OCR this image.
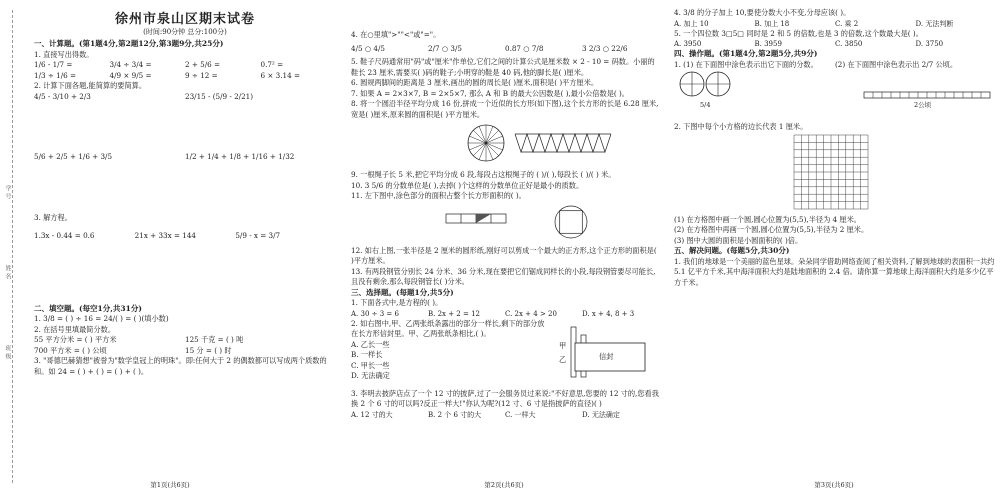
学号
姓名
班级
徐州市泉山区期末试卷
(时间:90分钟 总分:100分)
一、计算题。(第1题4分,第2题12分,第3题9分,共25分)
1. 直接写出得数。
1/6 - 1/7 =	3/4 ÷ 3/4 =	2 + 5/6 =	0.7² =
1/3 ÷ 1/6 =	4/9 × 9/5 =	9 ÷ 12 =	6 × 3.14 =
2. 计算下面各题,能简算的要简算。
4/5 - 3/10 + 2/3	23/15 - (5/9 - 2/21)
5/6 + 2/5 + 1/6 + 3/5	1/2 + 1/4 + 1/8 + 1/16 + 1/32
3. 解方程。
1.3x - 0.44 = 0.6	21x + 33x = 144	5/9 - x = 3/7
二、填空题。(每空1分,共31分)
1. 3/8 = ( ) ÷ 16 = 24/( ) = ( )(填小数)
2. 在括号里填最简分数。
55 平方分米 = ( ) 平方米	125 千克 = ( ) 吨
700 平方米 = ( ) 公顷	15 分 = ( ) 时
3. "哥德巴赫猜想"被誉为"数学皇冠上的明珠"。即:任何大于 2 的偶数都可以写成两个质数的和。如 24 = ( ) + ( ) = ( ) + ( )。
第1页(共6页)
4. 在○里填">""<"或"="。
4/5 ○ 4/5	2/7 ○ 3/5	0.87 ○ 7/8	3 2/3 ○ 22/6
5. 鞋子尺码通常用"码"或"厘米"作单位,它们之间的计算公式是厘米数 × 2 - 10 = 码数。小丽的鞋长 23 厘米,需要买( )码的鞋子;小明穿的鞋是 40 码,他的脚长是( )厘米。
6. 圆规两脚间的距离是 3 厘米,画出的圆的周长是( )厘米,面积是( )平方厘米。
7. 如果 A = 2×3×7, B = 2×5×7, 那么 A 和 B 的最大公因数是( ),最小公倍数是( )。
8. 将一个圆沿半径平均分成 16 份,拼成一个近似的长方形(如下图),这个长方形的长是 6.28 厘米,宽是( )厘米,原来圆的面积是( )平方厘米。
9. 一根绳子长 5 米,把它平均分成 6 段,每段占这根绳子的 ( )/( ),每段长 ( )/( ) 米。
10. 3 5/6 的分数单位是( ),去掉( )个这样的分数单位正好是最小的质数。
11. 左下图中,涂色部分的面积占整个长方形面积的( )。
12. 如右上图,一张半径是 2 厘米的圆形纸,刚好可以剪成一个最大的正方形,这个正方形的面积是( )平方厘米。
13. 有两段钢管分别长 24 分米、36 分米,现在要把它们锯成同样长的小段,每段钢管要尽可能长,且没有剩余,那么每段钢管长( )分米。
三、选择题。(每题1分,共5分)
1. 下面各式中,是方程的( )。
A. 30 ÷ 3 = 6	B. 2x + 2 = 12	C. 2x + 4 > 20	D. x + 4, 8 + 3
2. 如右图中,甲、乙两张纸条露出的部分一样长,剩下的部分放在长方形信封里。甲、乙两张纸条相比,( )。
A. 乙长一些
B. 一样长
C. 甲长一些
D. 无法确定
信封
甲
乙
3. 李明去披萨店点了一个 12 寸的披萨,过了一会服务员过来说:"不好意思,您要的 12 寸的,您看我换 2 个 6 寸的可以吗?反正一样大!"你认为呢?(12 寸、6 寸是指披萨的直径)( )
A. 12 寸的大	B. 2 个 6 寸的大	C. 一样大	D. 无法确定
第2页(共6页)
4. 3/8 的分子加上 10,要使分数大小不变,分母应该( )。
A. 加上 10	B. 加上 18	C. 乘 2	D. 无法判断
5. 一个四位数 3□5□ 同时是 2 和 5 的倍数,也是 3 的倍数,这个数最大是( )。
A. 3950	B. 3959	C. 3850	D. 3750
四、操作题。(第1题4分,第2题5分,共9分)
1. (1) 在下面图中涂色表示出它下面的分数。	(2) 在下面图中涂色表示出 2/7 公顷。
5/4	2公顷
2. 下图中每个小方格的边长代表 1 厘米。
(1) 在方格图中画一个圆,圆心位置为(5,5),半径为 4 厘米。
(2) 在方格图中再画一个圆,圆心位置为(5,5),半径为 2 厘米。
(3) 图中大圆的面积是小圆面积的( )倍。
五、解决问题。(每题5分,共30分)
1. 我们的地球是一个美丽的蓝色星球。朵朵同学借助网络查阅了相关资料,了解到地球的表面积一共约 5.1 亿平方千米,其中海洋面积大约是陆地面积的 2.4 倍。请你算一算地球上海洋面积大约是多少亿平方千米。
第3页(共6页)
